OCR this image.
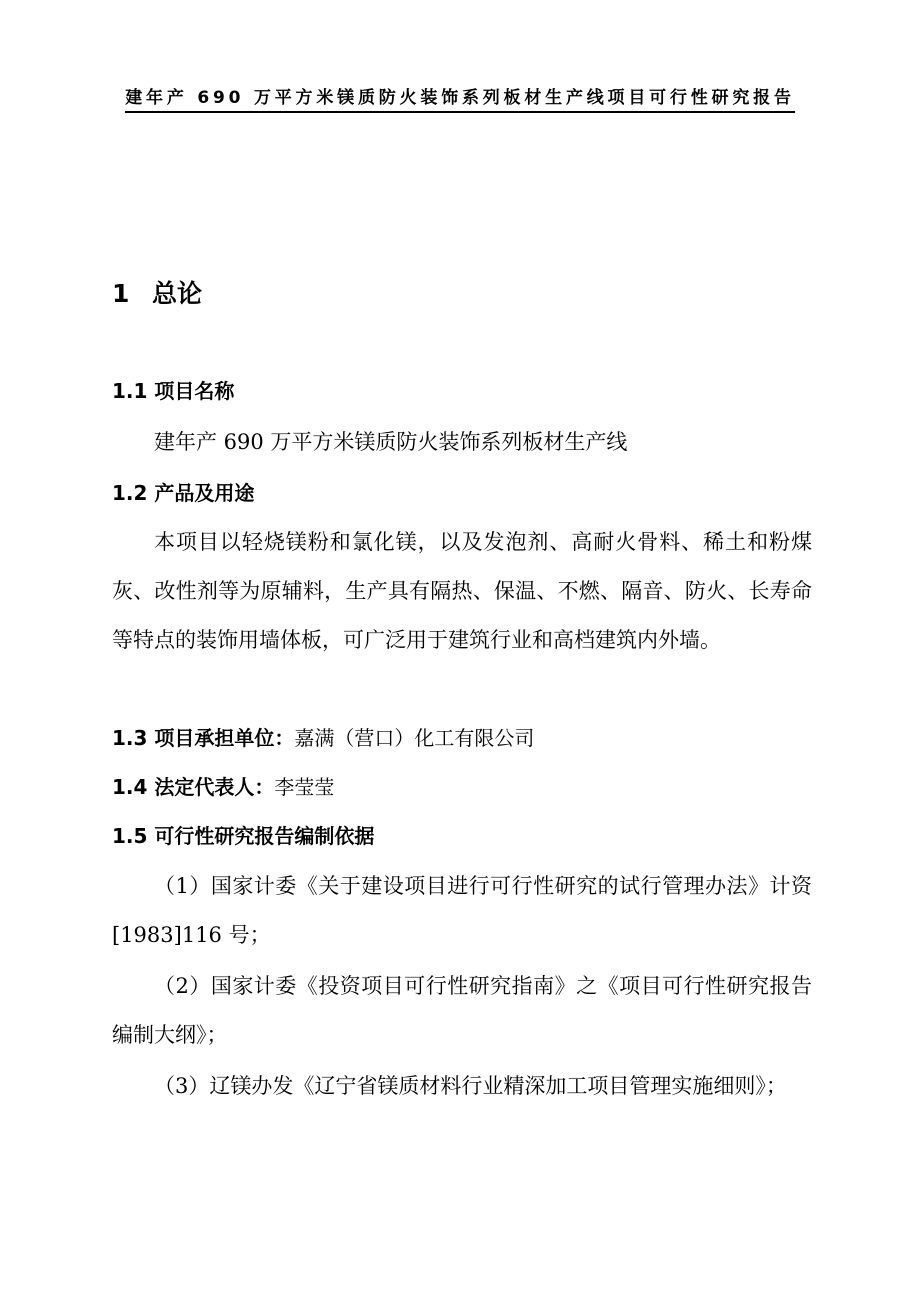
建年产 690 万平方米镁质防火装饰系列板材生产线项目可行性研究报告
1 总论
1.1 项目名称
建年产 690 万平方米镁质防火装饰系列板材生产线
1.2 产品及用途
本项目以轻烧镁粉和氯化镁，以及发泡剂、高耐火骨料、稀土和粉煤灰、改性剂等为原辅料，生产具有隔热、保温、不燃、隔音、防火、长寿命等特点的装饰用墙体板，可广泛用于建筑行业和高档建筑内外墙。
1.3 项目承担单位：嘉满（营口）化工有限公司
1.4 法定代表人：李莹莹
1.5 可行性研究报告编制依据
（1）国家计委《关于建设项目进行可行性研究的试行管理办法》计资[1983]116 号；
（2）国家计委《投资项目可行性研究指南》之《项目可行性研究报告编制大纲》；
（3）辽镁办发《辽宁省镁质材料行业精深加工项目管理实施细则》；
